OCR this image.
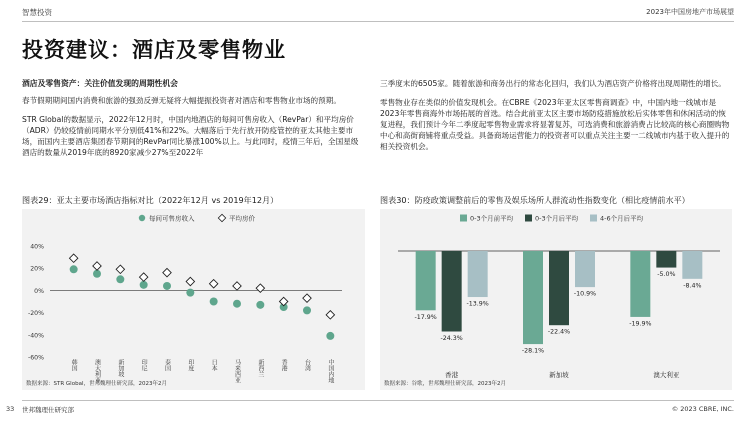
智慧投资	2023年中国房地产市场展望
投资建议：酒店及零售物业
酒店及零售资产：关注价值发现的周期性机会

春节假期期间国内消费和旅游的强劲反弹无疑将大幅提振投资者对酒店和零售物业市场的预期。

STR Global的数据显示，2022年12月时，中国内地酒店的每间可售房收入（RevPar）和平均房价（ADR）仍较疫情前同期水平分别低41%和22%。大幅落后于先行放开防疫管控的亚太其他主要市场，而国内主要酒店集团春节期间的RevPar同比暴涨100%以上。与此同时，疫情三年后，全国星级酒店的数量从2019年底的8920家减少27%至2022年

三季度末的6505家。随着旅游和商务出行的常态化回归，我们认为酒店资产价格将出现周期性的增长。

零售物业存在类似的价值发现机会。在CBRE《2023年亚太区零售商调查》中，中国内地一线城市是2023年零售商海外市场拓展的首选。结合此前亚太区主要市场防疫措施放松后实体零售和休闲活动的恢复进程，我们预计今年二季度起零售物业需求将显著复苏，可选消费和旅游消费占比较高的核心商圈购物中心和高街商铺将重点受益。具备商场运营能力的投资者可以重点关注主要一二线城市内基于收入提升的相关投资机会。

图表29：亚太主要市场酒店指标对比（2022年12月 vs 2019年12月）
每间可售房收入	平均房价
40%
20%
0%
-20%
-40%
-60%
韩国	澳大利亚	新加坡	印尼	泰国	印度	日本	马来西亚	新西兰	香港	台湾	中国内地
数据来源：STR Global，世邦魏理仕研究部，2023年2月
图表30：防疫政策调整前后的零售及娱乐场所人群流动性指数变化（相比疫情前水平）
0-3个月前平均	0-3个月后平均	4-6个月后平均
-17.9%
-24.3%
-13.9%
香港
-28.1%
-22.4%
-10.9%
新加坡
-19.9%
-5.0%
-8.4%
澳大利亚
数据来源：谷歌，世邦魏理仕研究部，2023年2月
33 世邦魏理仕研究部	© 2023 CBRE, INC.
